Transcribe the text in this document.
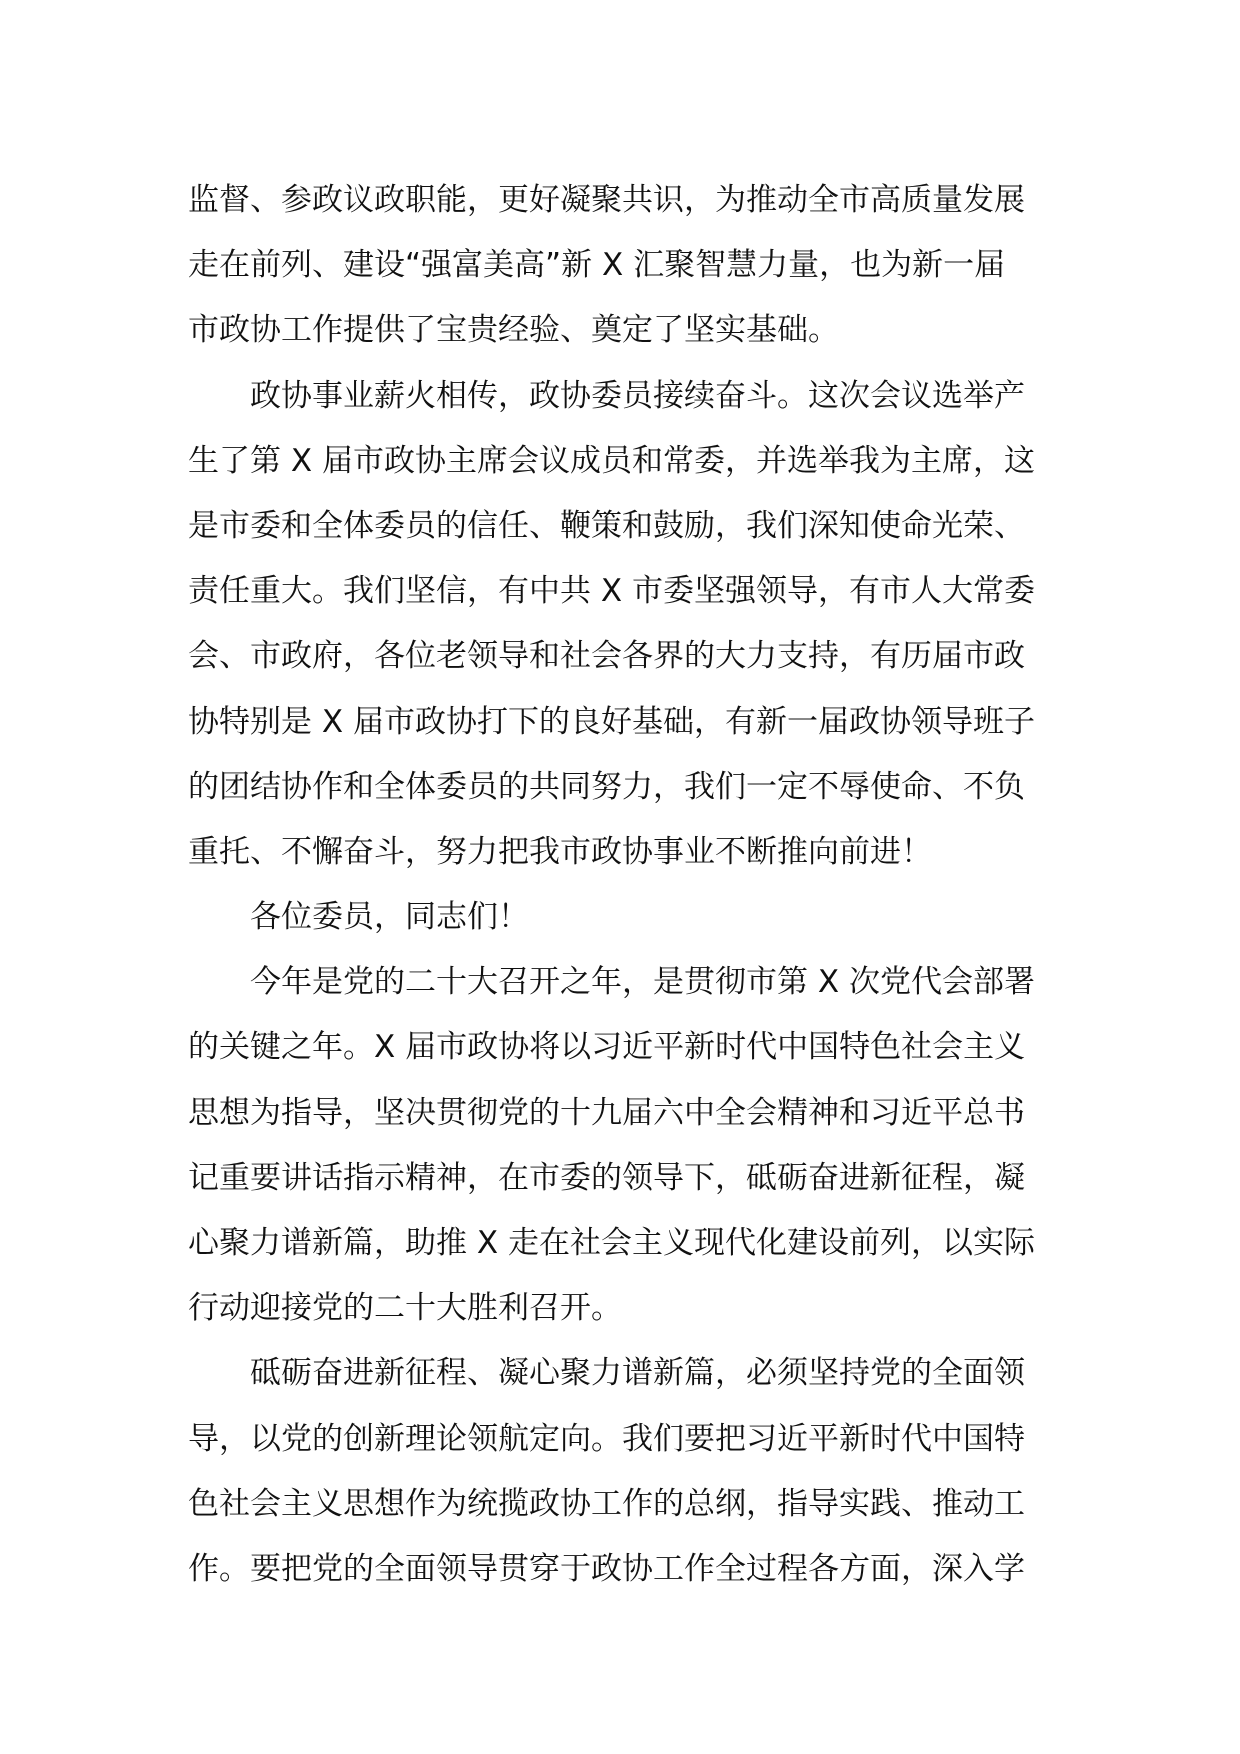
监督、参政议政职能，更好凝聚共识，为推动全市高质量发展
走在前列、建设“强富美高”新 X 汇聚智慧力量，也为新一届
市政协工作提供了宝贵经验、奠定了坚实基础。
政协事业薪火相传，政协委员接续奋斗。这次会议选举产
生了第 X 届市政协主席会议成员和常委，并选举我为主席，这
是市委和全体委员的信任、鞭策和鼓励，我们深知使命光荣、
责任重大。我们坚信，有中共 X 市委坚强领导，有市人大常委
会、市政府，各位老领导和社会各界的大力支持，有历届市政
协特别是 X 届市政协打下的良好基础，有新一届政协领导班子
的团结协作和全体委员的共同努力，我们一定不辱使命、不负
重托、不懈奋斗，努力把我市政协事业不断推向前进！
各位委员，同志们！
今年是党的二十大召开之年，是贯彻市第 X 次党代会部署
的关键之年。X 届市政协将以习近平新时代中国特色社会主义
思想为指导，坚决贯彻党的十九届六中全会精神和习近平总书
记重要讲话指示精神，在市委的领导下，砥砺奋进新征程，凝
心聚力谱新篇，助推 X 走在社会主义现代化建设前列，以实际
行动迎接党的二十大胜利召开。
砥砺奋进新征程、凝心聚力谱新篇，必须坚持党的全面领
导，以党的创新理论领航定向。我们要把习近平新时代中国特
色社会主义思想作为统揽政协工作的总纲，指导实践、推动工
作。要把党的全面领导贯穿于政协工作全过程各方面，深入学
